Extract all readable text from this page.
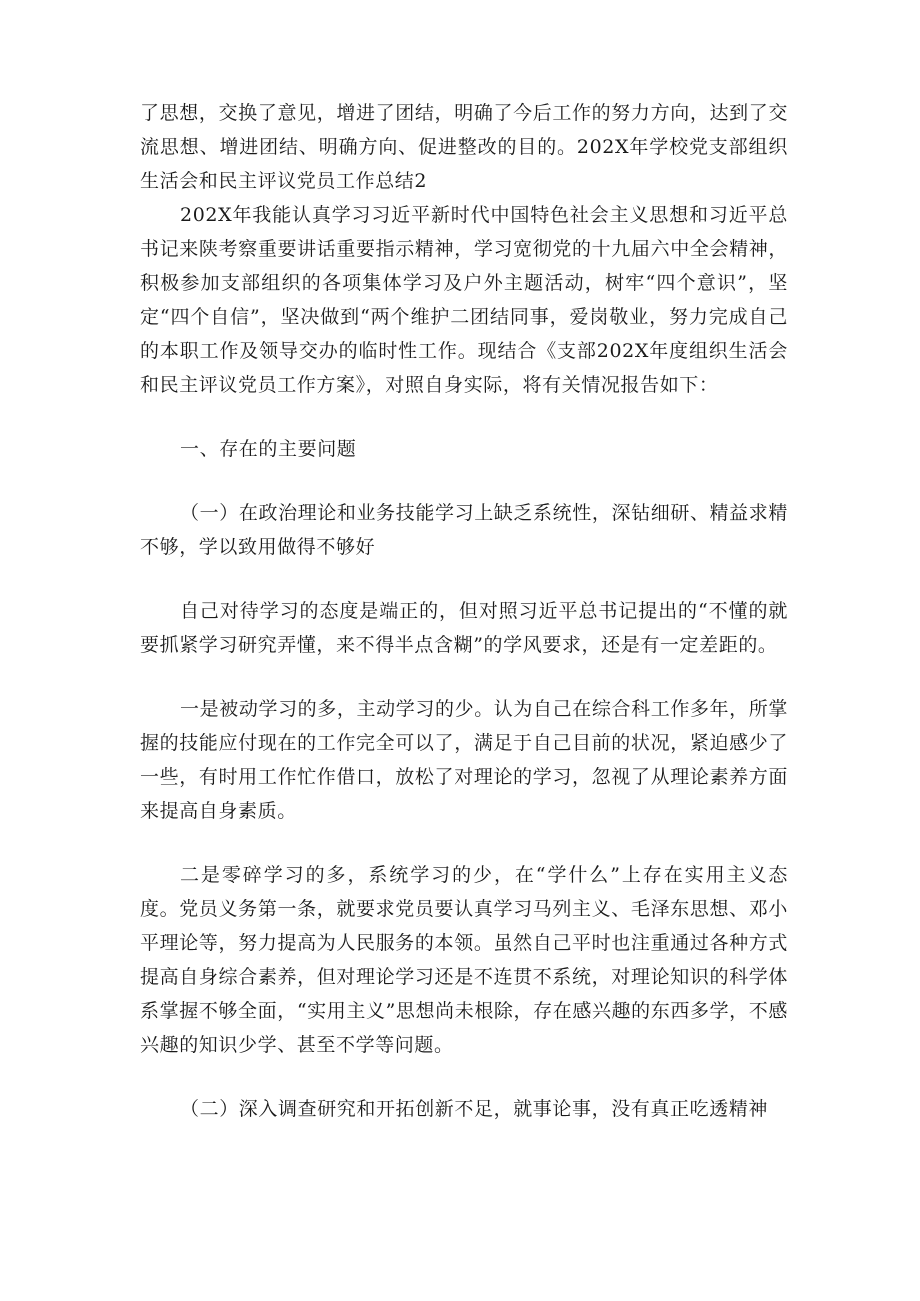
了思想，交换了意见，增进了团结，明确了今后工作的努力方向，达到了交流思想、增进团结、明确方向、促进整改的目的。202X年学校党支部组织生活会和民主评议党员工作总结2

202X年我能认真学习习近平新时代中国特色社会主义思想和习近平总书记来陕考察重要讲话重要指示精神，学习宽彻党的十九届六中全会精神，积极参加支部组织的各项集体学习及户外主题活动，树牢“四个意识”，坚定“四个自信”，坚决做到“两个维护二团结同事，爱岗敬业，努力完成自己的本职工作及领导交办的临时性工作。现结合《支部202X年度组织生活会和民主评议党员工作方案》，对照自身实际，将有关情况报告如下：

一、存在的主要问题

（一）在政治理论和业务技能学习上缺乏系统性，深钻细研、精益求精不够，学以致用做得不够好

自己对待学习的态度是端正的，但对照习近平总书记提出的“不懂的就要抓紧学习研究弄懂，来不得半点含糊”的学风要求，还是有一定差距的。

一是被动学习的多，主动学习的少。认为自己在综合科工作多年，所掌握的技能应付现在的工作完全可以了，满足于自己目前的状况，紧迫感少了一些，有时用工作忙作借口，放松了对理论的学习，忽视了从理论素养方面来提高自身素质。

二是零碎学习的多，系统学习的少，在“学什么”上存在实用主义态度。党员义务第一条，就要求党员要认真学习马列主义、毛泽东思想、邓小平理论等，努力提高为人民服务的本领。虽然自己平时也注重通过各种方式提高自身综合素养，但对理论学习还是不连贯不系统，对理论知识的科学体系掌握不够全面，“实用主义”思想尚未根除，存在感兴趣的东西多学，不感兴趣的知识少学、甚至不学等问题。

（二）深入调查研究和开拓创新不足，就事论事，没有真正吃透精神
